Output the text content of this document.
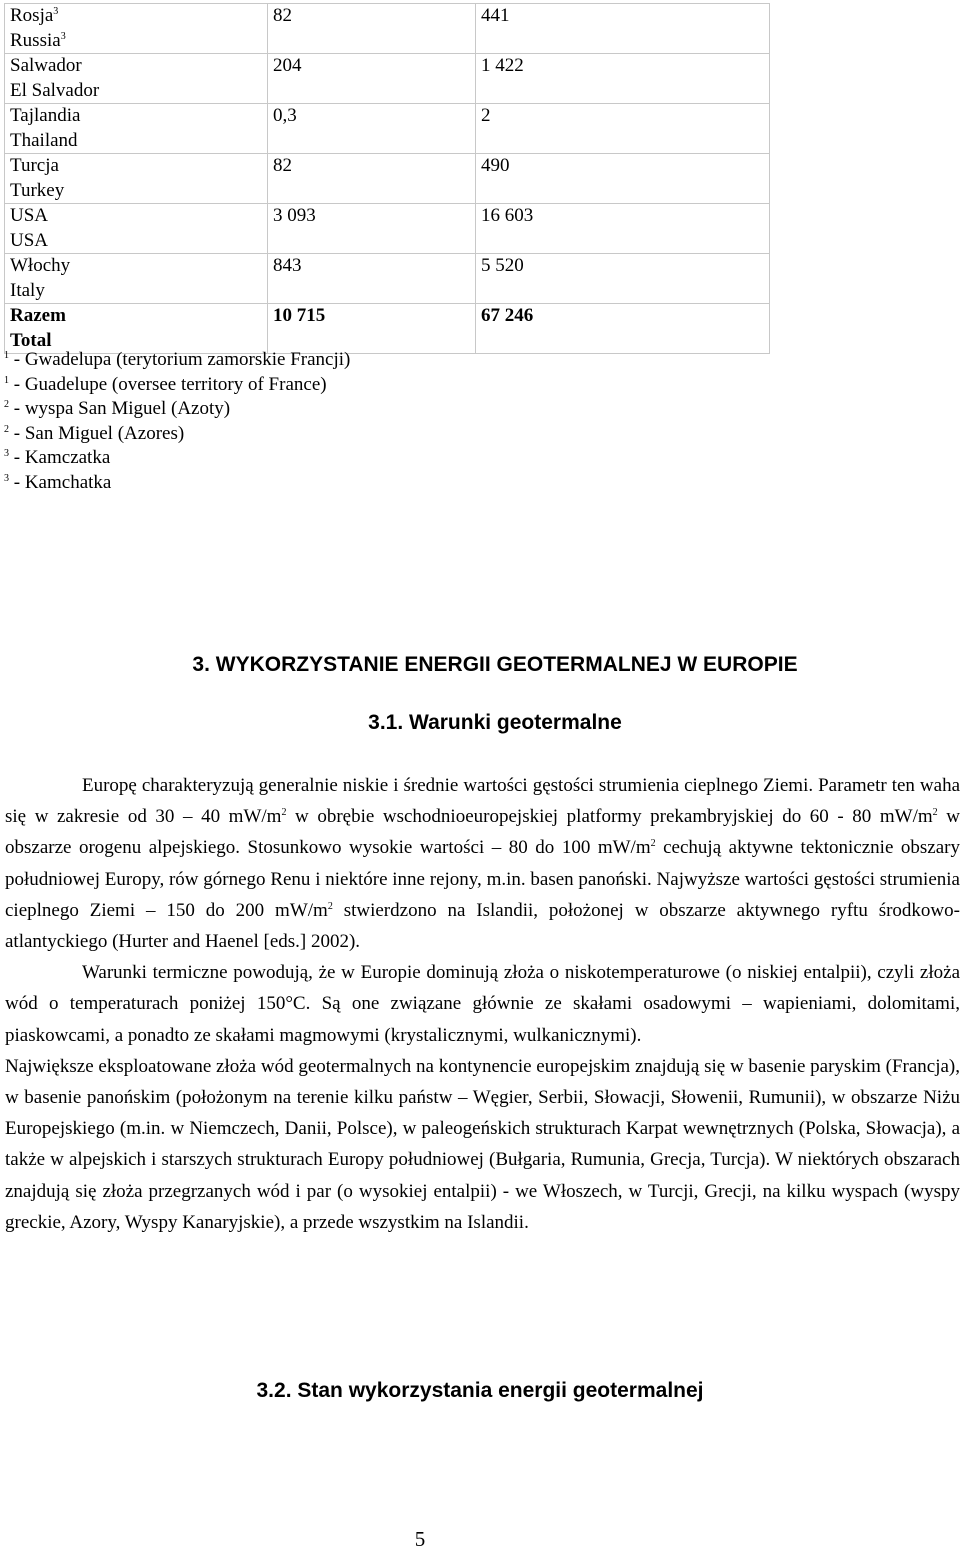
Rosja$^3$
Russia$^3$	82	441
Salwador
El Salvador	204	1 422
Tajlandia
Thailand	0,3	2
Turcja
Turkey	82	490
USA
USA	3 093	16 603
Włochy
Italy	843	5 520
Razem
Total	10 715	67 246
$^1$ - Gwadelupa (terytorium zamorskie Francji)
$^1$ - Guadelupe (oversee territory of France)
$^2$ - wyspa San Miguel (Azoty)
$^2$ - San Miguel (Azores)
$^3$ - Kamczatka
$^3$ - Kamchatka
3. WYKORZYSTANIE ENERGII GEOTERMALNEJ W EUROPIE
3.1. Warunki geotermalne

Europę charakteryzują generalnie niskie i średnie wartości gęstości strumienia cieplnego Ziemi. Parametr ten waha się w zakresie od 30 – 40 $mW/m^2$ w obrębie wschodnioeuropejskiej platformy prekambryjskiej do 60 - 80 $mW/m^2$ w obszarze orogenu alpejskiego. Stosunkowo wysokie wartości – 80 do 100 $mW/m^2$ cechują aktywne tektonicznie obszary południowej Europy, rów górnego Renu i niektóre inne rejony, m.in. basen panoński. Najwyższe wartości gęstości strumienia cieplnego Ziemi – 150 do 200 $mW/m^2$ stwierdzono na Islandii, położonej w obszarze aktywnego ryftu środkowo-atlantyckiego (Hurter and Haenel [eds.] 2002).

Warunki termiczne powodują, że w Europie dominują złoża o niskotemperaturowe (o niskiej entalpii), czyli złoża wód o temperaturach poniżej 150°C. Są one związane głównie ze skałami osadowymi – wapieniami, dolomitami, piaskowcami, a ponadto ze skałami magmowymi (krystalicznymi, wulkanicznymi).

Największe eksploatowane złoża wód geotermalnych na kontynencie europejskim znajdują się w basenie paryskim (Francja), w basenie panońskim (położonym na terenie kilku państw – Węgier, Serbii, Słowacji, Słowenii, Rumunii), w obszarze Niżu Europejskiego (m.in. w Niemczech, Danii, Polsce), w paleogeńskich strukturach Karpat wewnętrznych (Polska, Słowacja), a także w alpejskich i starszych strukturach Europy południowej (Bułgaria, Rumunia, Grecja, Turcja). W niektórych obszarach znajdują się złoża przegrzanych wód i par (o wysokiej entalpii) - we Włoszech, w Turcji, Grecji, na kilku wyspach (wyspy greckie, Azory, Wyspy Kanaryjskie), a przede wszystkim na Islandii.

3.2. Stan wykorzystania energii geotermalnej
5
